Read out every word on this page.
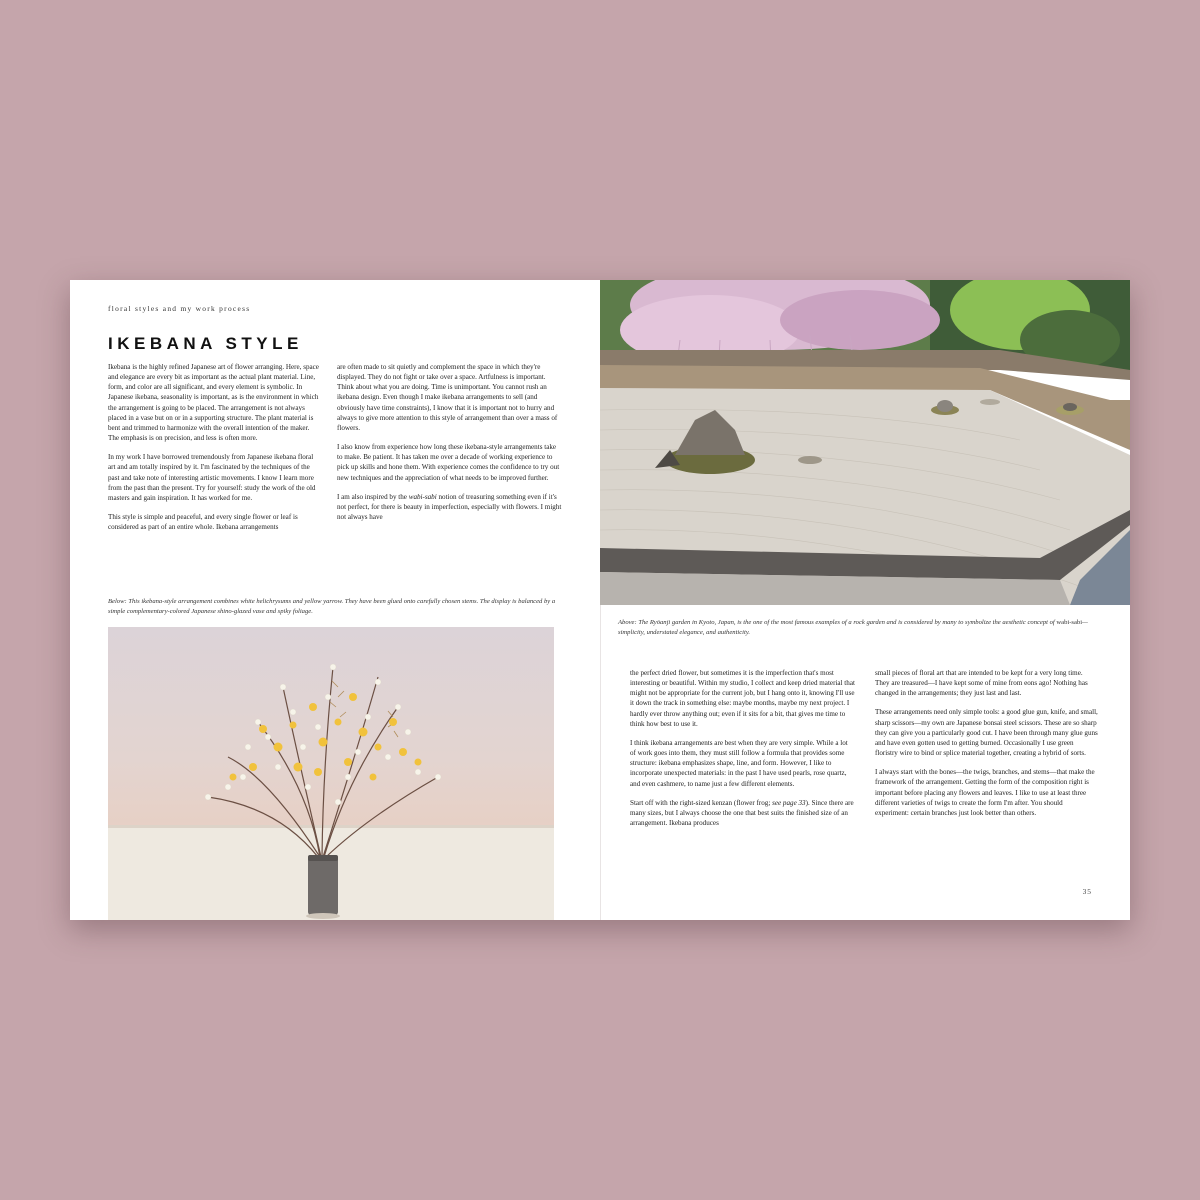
floral styles and my work process
IKEBANA STYLE

Ikebana is the highly refined Japanese art of flower arranging. Here, space and elegance are every bit as important as the actual plant material. Line, form, and color are all significant, and every element is symbolic. In Japanese ikebana, seasonality is important, as is the environment in which the arrangement is going to be placed. The arrangement is not always placed in a vase but on or in a supporting structure. The plant material is bent and trimmed to harmonize with the overall intention of the maker. The emphasis is on precision, and less is often more.

In my work I have borrowed tremendously from Japanese ikebana floral art and am totally inspired by it. I'm fascinated by the techniques of the past and take note of interesting artistic movements. I know I learn more from the past than the present. Try for yourself: study the work of the old masters and gain inspiration. It has worked for me.

This style is simple and peaceful, and every single flower or leaf is considered as part of an entire whole. Ikebana arrangements

are often made to sit quietly and complement the space in which they're displayed. They do not fight or take over a space. Artfulness is important. Think about what you are doing. Time is unimportant. You cannot rush an ikebana design. Even though I make ikebana arrangements to sell (and obviously have time constraints), I know that it is important not to hurry and always to give more attention to this style of arrangement than over a mass of flowers.

I also know from experience how long these ikebana-style arrangements take to make. Be patient. It has taken me over a decade of working experience to pick up skills and hone them. With experience comes the confidence to try out new techniques and the appreciation of what needs to be improved further.

I am also inspired by the wabi-sabi notion of treasuring something even if it's not perfect, for there is beauty in imperfection, especially with flowers. I might not always have

Below: This ikebana-style arrangement combines white helichrysums and yellow yarrow. They have been glued onto carefully chosen stems. The display is balanced by a simple complementary-colored Japanese shino-glazed vase and spiky foliage.
Above: The Ryōanji garden in Kyoto, Japan, is the one of the most famous examples of a rock garden and is considered by many to symbolize the aesthetic concept of wabi-sabi—simplicity, understated elegance, and authenticity.

the perfect dried flower, but sometimes it is the imperfection that's most interesting or beautiful. Within my studio, I collect and keep dried material that might not be appropriate for the current job, but I hang onto it, knowing I'll use it down the track in something else: maybe months, maybe my next project. I hardly ever throw anything out; even if it sits for a bit, that gives me time to think how best to use it.

I think ikebana arrangements are best when they are very simple. While a lot of work goes into them, they must still follow a formula that provides some structure: ikebana emphasizes shape, line, and form. However, I like to incorporate unexpected materials: in the past I have used pearls, rose quartz, and even cashmere, to name just a few different elements.

Start off with the right-sized kenzan (flower frog; see page 33). Since there are many sizes, but I always choose the one that best suits the finished size of an arrangement. Ikebana produces

small pieces of floral art that are intended to be kept for a very long time. They are treasured—I have kept some of mine from eons ago! Nothing has changed in the arrangements; they just last and last.

These arrangements need only simple tools: a good glue gun, knife, and small, sharp scissors—my own are Japanese bonsai steel scissors. These are so sharp they can give you a particularly good cut. I have been through many glue guns and have even gotten used to getting burned. Occasionally I use green floristry wire to bind or splice material together, creating a hybrid of sorts.

I always start with the bones—the twigs, branches, and stems—that make the framework of the arrangement. Getting the form of the composition right is important before placing any flowers and leaves. I like to use at least three different varieties of twigs to create the form I'm after. You should experiment: certain branches just look better than others.

35
